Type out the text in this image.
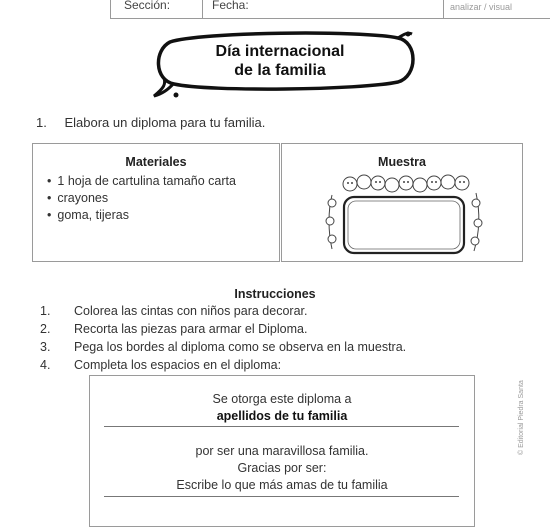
Sección:	Fecha:	analizar / visual
Día internacional
de la familia
1. Elabora un diploma para tu familia.
Materiales
• 1 hoja de cartulina tamaño carta
• crayones
• goma, tijeras
Muestra
Instrucciones
1. Colorea las cintas con niños para decorar.
2. Recorta las piezas para armar el Diploma.
3. Pega los bordes al diploma como se observa en la muestra.
4. Completa los espacios en el diploma:
Se otorga este diploma a
apellidos de tu familia
por ser una maravillosa familia.
Gracias por ser:
Escribe lo que más amas de tu familia
© Editorial Piedra Santa
